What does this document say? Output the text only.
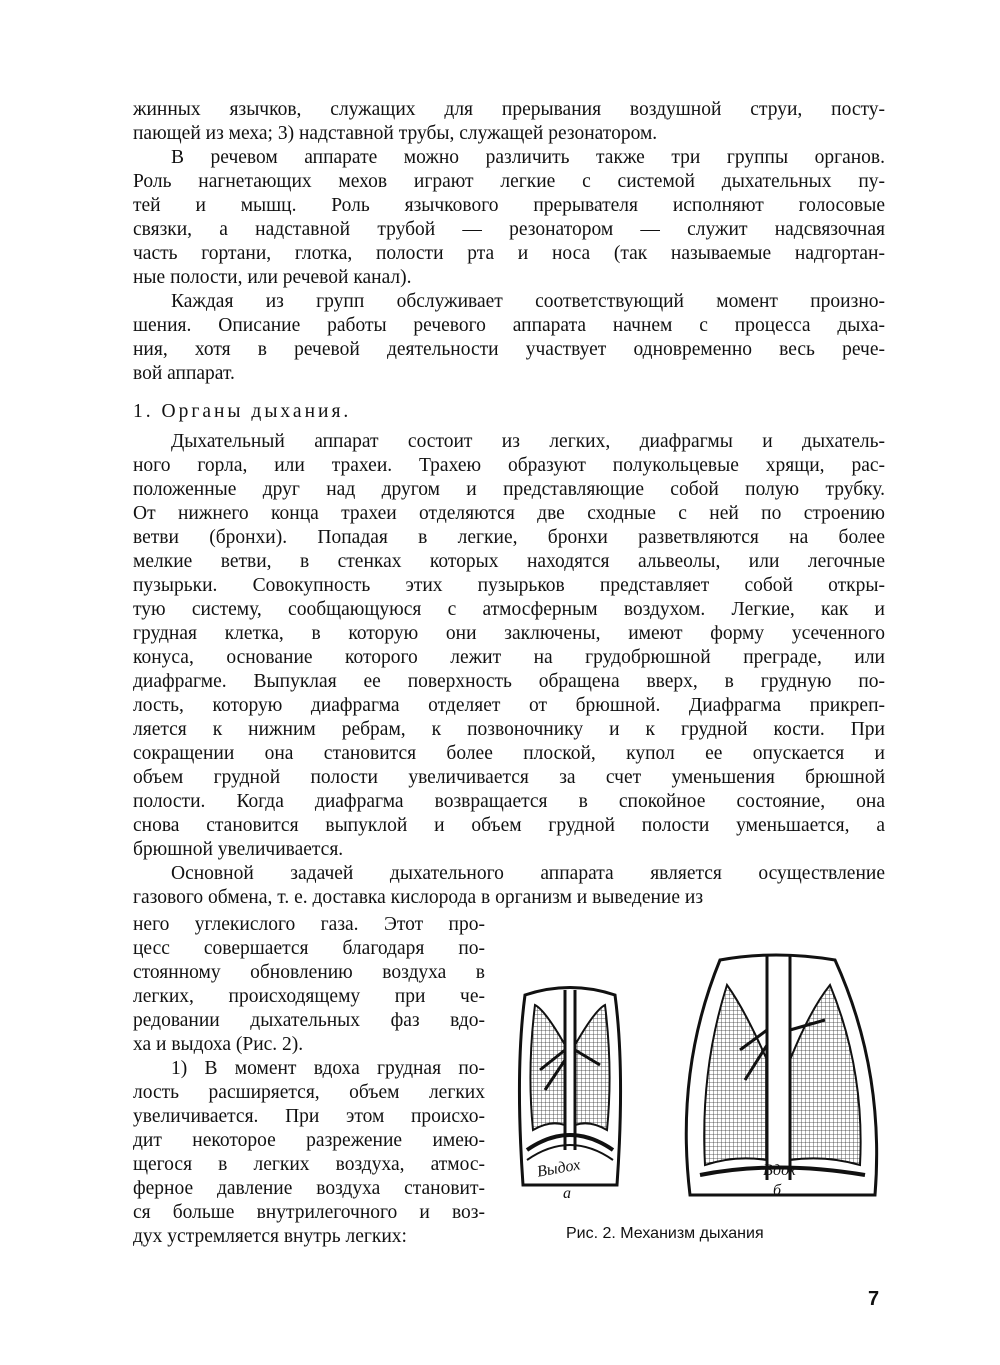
жинных язычков, служащих для прерывания воздушной струи, посту-
пающей из меха; 3) надставной трубы, служащей резонатором.
В речевом аппарате можно различить также три группы органов.
Роль нагнетающих мехов играют легкие с системой дыхательных пу-
тей и мышц. Роль язычкового прерывателя исполняют голосовые
связки, а надставной трубой — резонатором — служит надсвязочная
часть гортани, глотка, полости рта и носа (так называемые надгортан-
ные полости, или речевой канал).
Каждая из групп обслуживает соответствующий момент произно-
шения. Описание работы речевого аппарата начнем с процесса дыха-
ния, хотя в речевой деятельности участвует одновременно весь рече-
вой аппарат.
1. Органы дыхания.
Дыхательный аппарат состоит из легких, диафрагмы и дыхатель-
ного горла, или трахеи. Трахею образуют полукольцевые хрящи, рас-
положенные друг над другом и представляющие собой полую трубку.
От нижнего конца трахеи отделяются две сходные с ней по строению
ветви (бронхи). Попадая в легкие, бронхи разветвляются на более
мелкие ветви, в стенках которых находятся альвеолы, или легочные
пузырьки. Совокупность этих пузырьков представляет собой откры-
тую систему, сообщающуюся с атмосферным воздухом. Легкие, как и
грудная клетка, в которую они заключены, имеют форму усеченного
конуса, основание которого лежит на грудобрюшной преграде, или
диафрагме. Выпуклая ее поверхность обращена вверх, в грудную по-
лость, которую диафрагма отделяет от брюшной. Диафрагма прикреп-
ляется к нижним ребрам, к позвоночнику и к грудной кости. При
сокращении она становится более плоской, купол ее опускается и
объем грудной полости увеличивается за счет уменьшения брюшной
полости. Когда диафрагма возвращается в спокойное состояние, она
снова становится выпуклой и объем грудной полости уменьшается, а
брюшной увеличивается.
Основной задачей дыхательного аппарата является осуществление
газового обмена, т. е. доставка кислорода в организм и выведение из
него углекислого газа. Этот про-
цесс совершается благодаря по-
стоянному обновлению воздуха в
легких, происходящему при че-
редовании дыхательных фаз вдо-
ха и выдоха (Рис. 2).
1) В момент вдоха грудная по-
лость расширяется, объем легких
увеличивается. При этом происхо-
дит некоторое разрежение имею-
щегося в легких воздуха, атмос-
ферное давление воздуха становит-
ся больше внутрилегочного и воз-
дух устремляется внутрь легких:
Выдох
а
Вдох
б
Рис. 2. Механизм дыхания
7
